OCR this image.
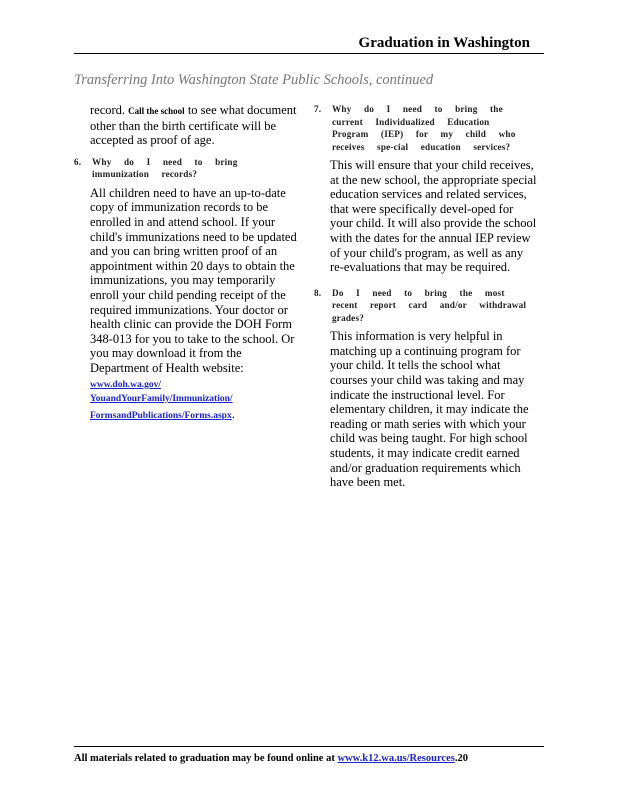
Graduation in Washington
Transferring Into Washington State Public Schools, continued

record. Call the school to see what document other than the birth certificate will be accepted as proof of age.

6. Why do I need to bring immunization records?

All children need to have an up-to-date copy of immunization records to be enrolled in and attend school. If your child's immunizations need to be updated and you can bring written proof of an appointment within 20 days to obtain the immunizations, you may temporarily enroll your child pending receipt of the required immunizations. Your doctor or health clinic can provide the DOH Form 348-013 for you to take to the school. Or you may download it from the Department of Health website: www.doh.wa.gov/
YouandYourFamily/Immunization/
FormsandPublications/Forms.aspx.

7. Why do I need to bring the current Individualized Education Program (IEP) for my child who receives spe-cial education services?

This will ensure that your child receives, at the new school, the appropriate special education services and related services, that were specifically devel-oped for your child. It will also provide the school with the dates for the annual IEP review of your child's program, as well as any re-evaluations that may be required.

8. Do I need to bring the most recent report card and/or withdrawal grades?

This information is very helpful in matching up a continuing program for your child. It tells the school what courses your child was taking and may indicate the instructional level. For elementary children, it may indicate the reading or math series with which your child was being taught. For high school students, it may indicate credit earned and/or graduation requirements which have been met.

All materials related to graduation may be found online at www.k12.wa.us/Resources.20
